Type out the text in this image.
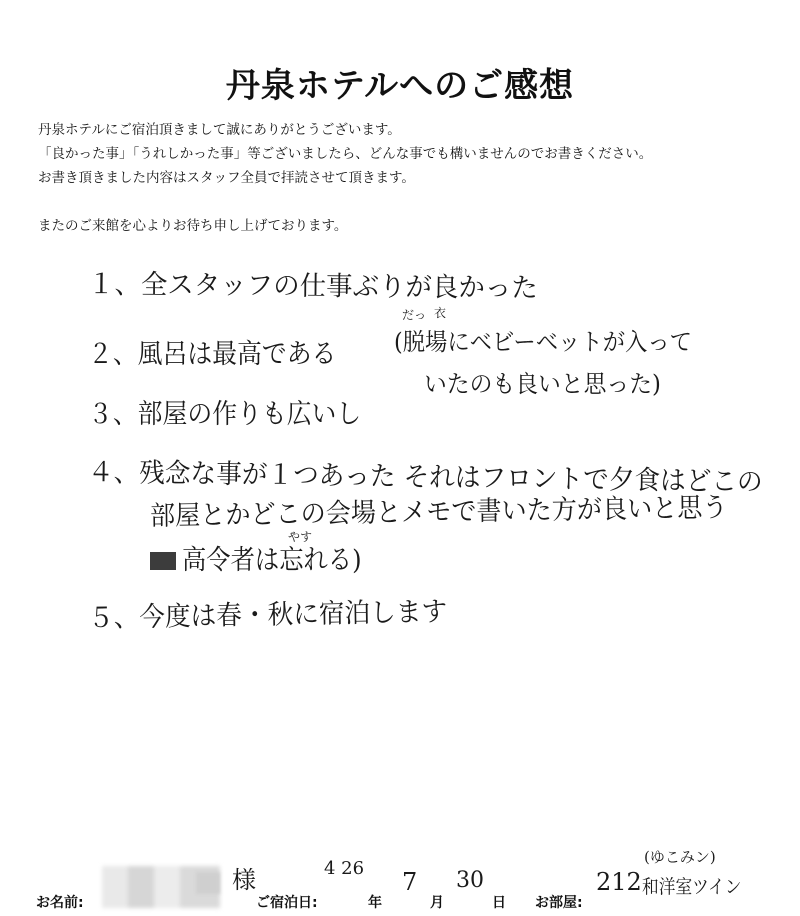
丹泉ホテルへのご感想

丹泉ホテルにご宿泊頂きまして誠にありがとうございます。

「良かった事」「うれしかった事」等ございましたら、どんな事でも構いませんのでお書きください。

お書き頂きました内容はスタッフ全員で拝読させて頂きます。

またのご来館を心よりお待ち申し上げております。

１、全スタッフの仕事ぶりが良かった
２、風呂は最高である
だっ 衣
(脱場にベビーベットが入って
いたのも良いと思った)
３、部屋の作りも広いし
４、残念な事が１つあった それはフロントで夕食はどこの
部屋とかどこの会場とメモで書いた方が良いと思う
やす
高令者は忘れる)
５、今度は春・秋に宿泊します
お名前:
様
ご宿泊日:
4 26
年
7
月
30
日 お部屋:
212
(ゆこみン)
和洋室ツイン
